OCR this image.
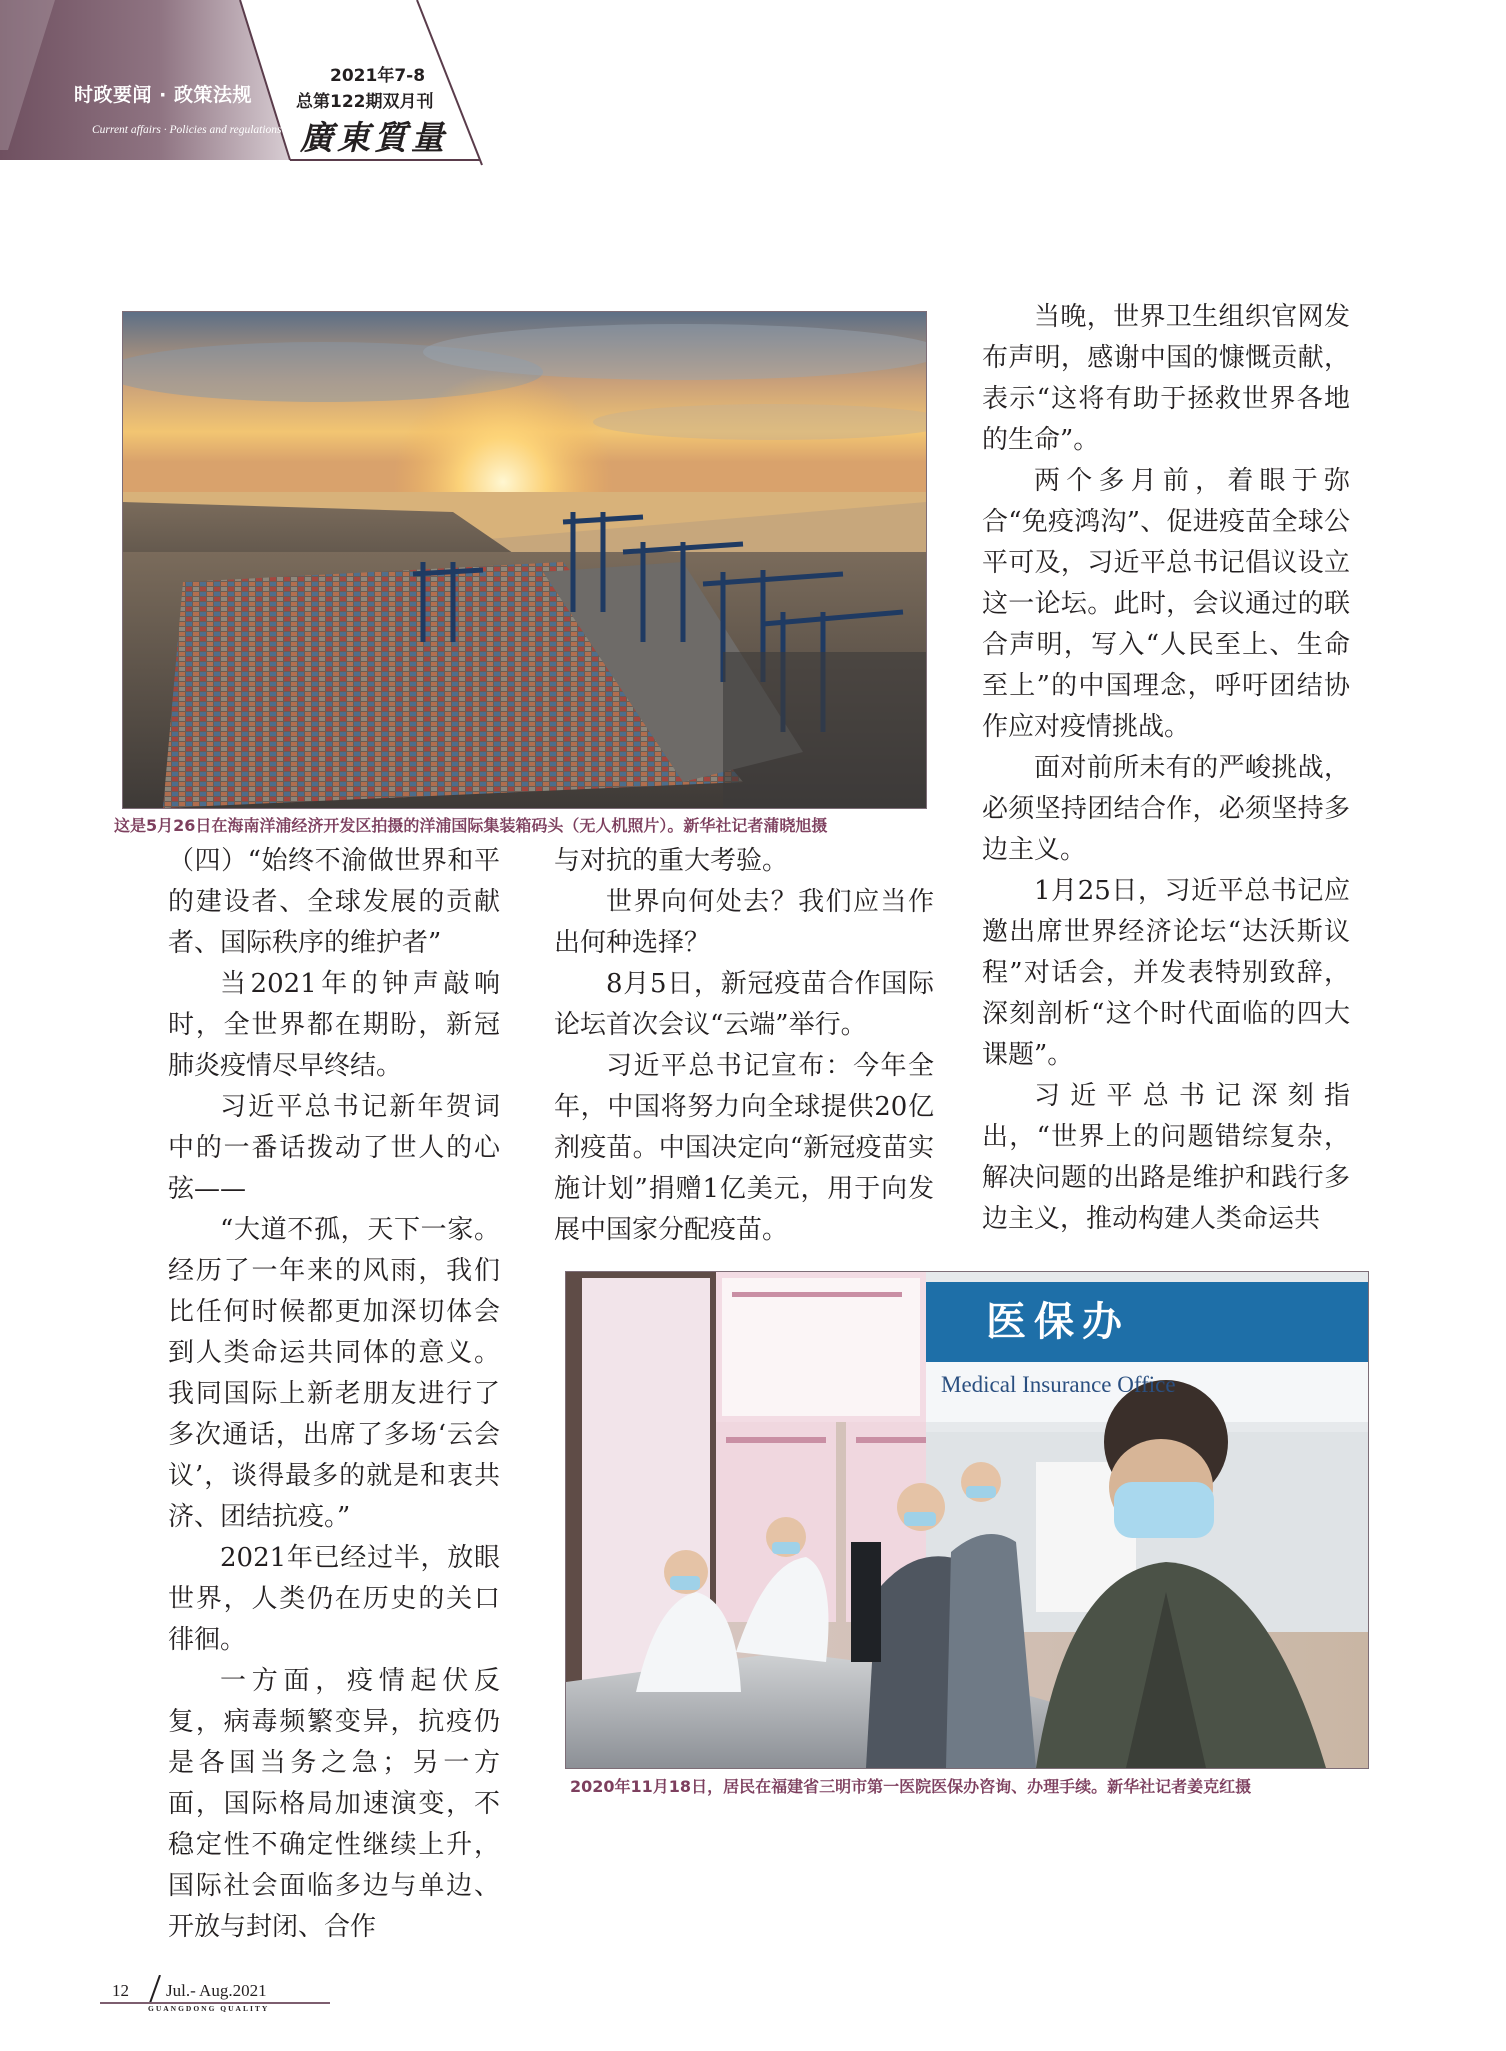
时政要闻 · 政策法规
Current affairs · Policies and regulations
2021年7-8
总第122期双月刊
廣東質量
这是5月26日在海南洋浦经济开发区拍摄的洋浦国际集装箱码头（无人机照片）。新华社记者蒲晓旭摄

（四）“始终不渝做世界和平的建设者、全球发展的贡献者、国际秩序的维护者”

当2021年的钟声敲响时，全世界都在期盼，新冠肺炎疫情尽早终结。

习近平总书记新年贺词中的一番话拨动了世人的心弦——

“大道不孤，天下一家。经历了一年来的风雨，我们比任何时候都更加深切体会到人类命运共同体的意义。我同国际上新老朋友进行了多次通话，出席了多场‘云会议’，谈得最多的就是和衷共济、团结抗疫。”

2021年已经过半，放眼世界，人类仍在历史的关口徘徊。

一方面，疫情起伏反复，病毒频繁变异，抗疫仍是各国当务之急；另一方面，国际格局加速演变，不稳定性不确定性继续上升，国际社会面临多边与单边、开放与封闭、合作

与对抗的重大考验。

世界向何处去？我们应当作出何种选择？

8月5日，新冠疫苗合作国际论坛首次会议“云端”举行。

习近平总书记宣布：今年全年，中国将努力向全球提供20亿剂疫苗。中国决定向“新冠疫苗实施计划”捐赠1亿美元，用于向发展中国家分配疫苗。

当晚，世界卫生组织官网发布声明，感谢中国的慷慨贡献，表示“这将有助于拯救世界各地的生命”。

两个多月前，着眼于弥合“免疫鸿沟”、促进疫苗全球公平可及，习近平总书记倡议设立这一论坛。此时，会议通过的联合声明，写入“人民至上、生命至上”的中国理念，呼吁团结协作应对疫情挑战。

面对前所未有的严峻挑战，必须坚持团结合作，必须坚持多边主义。

1月25日，习近平总书记应邀出席世界经济论坛“达沃斯议程”对话会，并发表特别致辞，深刻剖析“这个时代面临的四大课题”。

习近平总书记深刻指出，“世界上的问题错综复杂，解决问题的出路是维护和践行多边主义，推动构建人类命运共

医保办
Medical Insurance Office
2020年11月18日，居民在福建省三明市第一医院医保办咨询、办理手续。新华社记者姜克红摄
12 Jul.- Aug.2021
GUANGDONG QUALITY
